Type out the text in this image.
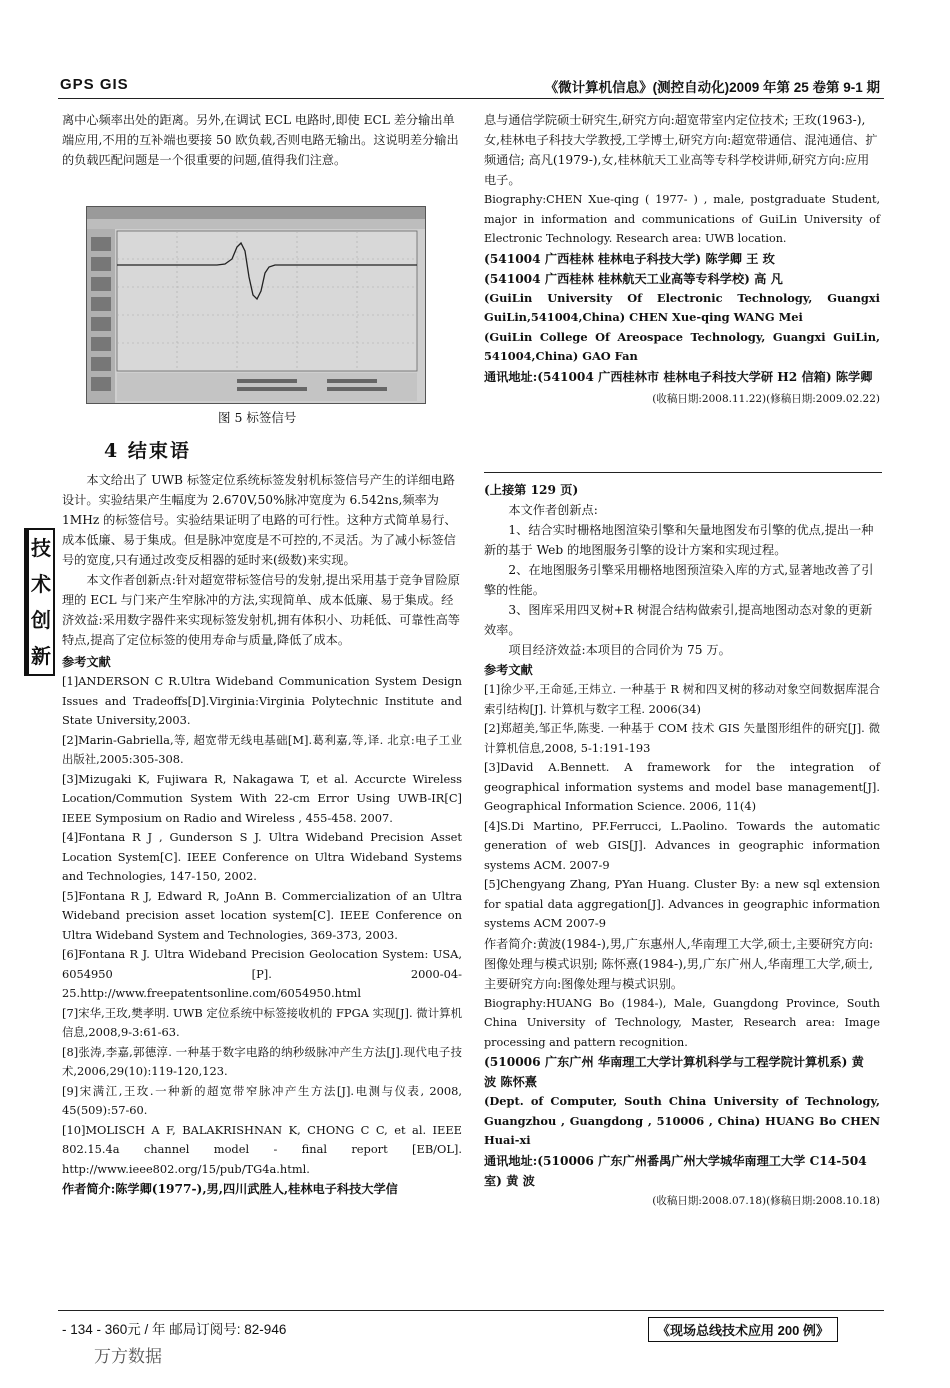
GPS GIS	《微计算机信息》(测控自动化)2009 年第 25 卷第 9-1 期

离中心频率出处的距离。另外,在调试 ECL 电路时,即使 ECL 差分输出单端应用,不用的互补端也要接 50 欧负载,否则电路无输出。这说明差分输出的负载匹配问题是一个很重要的问题,值得我们注意。

图 5 标签信号
4 结束语

本文给出了 UWB 标签定位系统标签发射机标签信号产生的详细电路设计。实验结果产生幅度为 2.670V,50%脉冲宽度为 6.542ns,频率为 1MHz 的标签信号。实验结果证明了电路的可行性。这种方式简单易行、成本低廉、易于集成。但是脉冲宽度是不可控的,不灵活。为了减小标签信号的宽度,只有通过改变反相器的延时来(级数)来实现。

本文作者创新点:针对超宽带标签信号的发射,提出采用基于竞争冒险原理的 ECL 与门来产生窄脉冲的方法,实现简单、成本低廉、易于集成。经济效益:采用数字器件来实现标签发射机,拥有体积小、功耗低、可靠性高等特点,提高了定位标签的使用寿命与质量,降低了成本。

参考文献

[1]ANDERSON C R.Ultra Wideband Communication System Design Issues and Tradeoffs[D].Virginia:Virginia Polytechnic Institute and State University,2003.

[2]Marin-Gabriella,等, 超宽带无线电基础[M].葛利嘉,等,译. 北京:电子工业出版社,2005:305-308.

[3]Mizugaki K, Fujiwara R, Nakagawa T, et al. Accurcte Wireless Location/Commution System With 22-cm Error Using UWB-IR[C] IEEE Symposium on Radio and Wireless , 455-458. 2007.

[4]Fontana R J , Gunderson S J. Ultra Wideband Precision Asset Location System[C]. IEEE Conference on Ultra Wideband Systems and Technologies, 147-150, 2002.

[5]Fontana R J, Edward R, JoAnn B. Commercialization of an Ultra Wideband precision asset location system[C]. IEEE Conference on Ultra Wideband System and Technologies, 369-373, 2003.

[6]Fontana R J. Ultra Wideband Precision Geolocation System: USA, 6054950 [P]. 2000-04-25.http://www.freepatentsonline.com/6054950.html

[7]宋华,王玫,樊孝明. UWB 定位系统中标签接收机的 FPGA 实现[J]. 微计算机信息,2008,9-3:61-63.

[8]张涛,李嘉,郭德淳. 一种基于数字电路的纳秒级脉冲产生方法[J].现代电子技术,2006,29(10):119-120,123.

[9]宋满江,王玫.一种新的超宽带窄脉冲产生方法[J].电测与仪表, 2008, 45(509):57-60.

[10]MOLISCH A F, BALAKRISHNAN K, CHONG C C, et al. IEEE 802.15.4a channel model - final report [EB/OL]. http://www.ieee802.org/15/pub/TG4a.html.

作者简介:陈学卿(1977-),男,四川武胜人,桂林电子科技大学信

技
术
创
新

息与通信学院硕士研究生,研究方向:超宽带室内定位技术; 王玫(1963-),女,桂林电子科技大学教授,工学博士,研究方向:超宽带通信、混沌通信、扩频通信; 高凡(1979-),女,桂林航天工业高等专科学校讲师,研究方向:应用电子。

Biography:CHEN Xue-qing ( 1977- ) , male, postgraduate Student, major in information and communications of GuiLin University of Electronic Technology. Research area: UWB location.

(541004 广西桂林 桂林电子科技大学) 陈学卿 王 玫

(541004 广西桂林 桂林航天工业高等专科学校) 高 凡

(GuiLin University Of Electronic Technology, Guangxi GuiLin,541004,China) CHEN Xue-qing WANG Mei

(GuiLin College Of Areospace Technology, Guangxi GuiLin, 541004,China) GAO Fan

通讯地址:(541004 广西桂林市 桂林电子科技大学研 H2 信箱) 陈学卿

(收稿日期:2008.11.22)(修稿日期:2009.02.22)

(上接第 129 页)

本文作者创新点:

1、结合实时栅格地图渲染引擎和矢量地图发布引擎的优点,提出一种新的基于 Web 的地图服务引擎的设计方案和实现过程。

2、在地图服务引擎采用栅格地图预渲染入库的方式,显著地改善了引擎的性能。

3、图库采用四叉树+R 树混合结构做索引,提高地图动态对象的更新效率。

项目经济效益:本项目的合同价为 75 万。

参考文献

[1]徐少平,王命延,王炜立. 一种基于 R 树和四叉树的移动对象空间数据库混合索引结构[J]. 计算机与数字工程. 2006(34)

[2]郑超美,邹正华,陈斐. 一种基于 COM 技术 GIS 矢量图形组件的研究[J]. 微计算机信息,2008, 5-1:191-193

[3]David A.Bennett. A framework for the integration of geographical information systems and model base management[J]. Geographical Information Science. 2006, 11(4)

[4]S.Di Martino, PF.Ferrucci, L.Paolino. Towards the automatic generation of web GIS[J]. Advances in geographic information systems ACM. 2007-9

[5]Chengyang Zhang, PYan Huang. Cluster By: a new sql extension for spatial data aggregation[J]. Advances in geographic information systems ACM 2007-9

作者简介:黄波(1984-),男,广东惠州人,华南理工大学,硕士,主要研究方向:图像处理与模式识别; 陈怀熹(1984-),男,广东广州人,华南理工大学,硕士,主要研究方向:图像处理与模式识别。

Biography:HUANG Bo (1984-), Male, Guangdong Province, South China University of Technology, Master, Research area: Image processing and pattern recognition.

(510006 广东广州 华南理工大学计算机科学与工程学院计算机系) 黄 波 陈怀熹

(Dept. of Computer, South China University of Technology, Guangzhou , Guangdong , 510006 , China) HUANG Bo CHEN Huai-xi

通讯地址:(510006 广东广州番禺广州大学城华南理工大学 C14-504 室) 黄 波

(收稿日期:2008.07.18)(修稿日期:2008.10.18)

- 134 - 360元 / 年 邮局订阅号: 82-946	《现场总线技术应用 200 例》
万方数据
